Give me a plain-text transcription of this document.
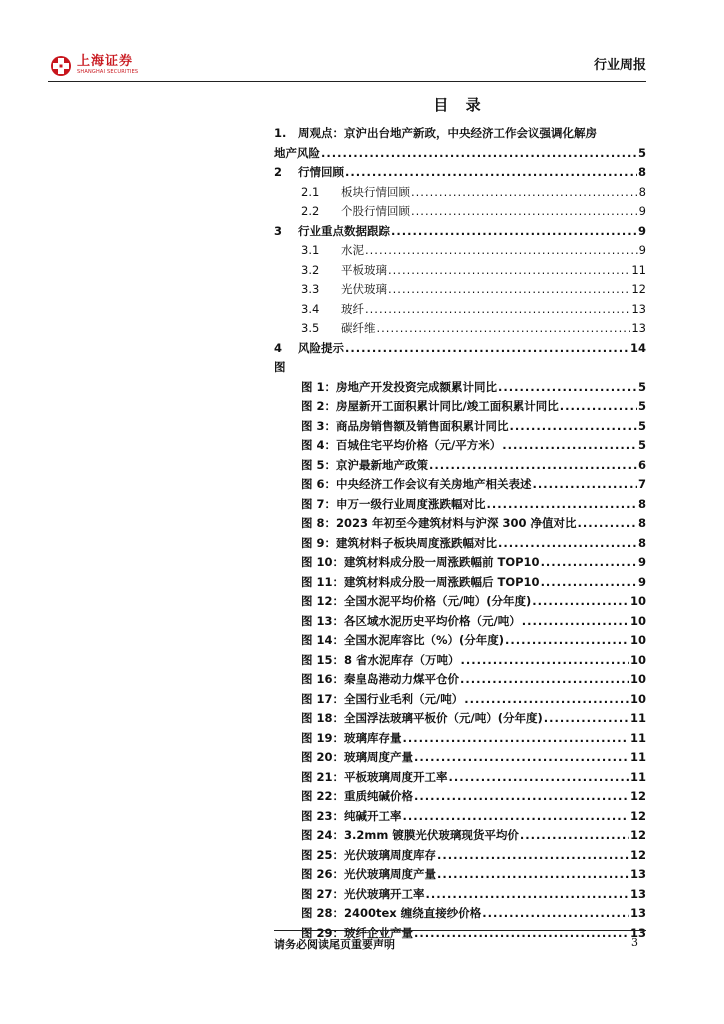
上海证券
SHANGHAI SECURITIES	行业周报
目 录
1. 周观点：京沪出台地产新政，中央经济工作会议强调化解房
地产风险 .....	5
2	行情回顾 .....	8
2.1	板块行情回顾 .....	8
2.2	个股行情回顾 .....	9
3	行业重点数据跟踪 .....	9
3.1	水泥 .....	9
3.2	平板玻璃 .....	11
3.3	光伏玻璃 .....	12
3.4	玻纤 .....	13
3.5	碳纤维 .....	13
4	风险提示 .....	14
图
图 1：房地产开发投资完成额累计同比 .....	5
图 2：房屋新开工面积累计同比/竣工面积累计同比 .....	5
图 3：商品房销售额及销售面积累计同比 .....	5
图 4：百城住宅平均价格（元/平方米） .....	5
图 5：京沪最新地产政策 .....	6
图 6：中央经济工作会议有关房地产相关表述 .....	7
图 7：申万一级行业周度涨跌幅对比 .....	8
图 8：2023 年初至今建筑材料与沪深 300 净值对比 .....	8
图 9：建筑材料子板块周度涨跌幅对比 .....	8
图 10：建筑材料成分股一周涨跌幅前 TOP10 .....	9
图 11：建筑材料成分股一周涨跌幅后 TOP10 .....	9
图 12：全国水泥平均价格（元/吨）(分年度) .....	10
图 13：各区域水泥历史平均价格（元/吨） .....	10
图 14：全国水泥库容比（%）(分年度) .....	10
图 15：8 省水泥库存（万吨） .....	10
图 16：秦皇岛港动力煤平仓价 .....	10
图 17：全国行业毛利（元/吨） .....	10
图 18：全国浮法玻璃平板价（元/吨）(分年度) .....	11
图 19：玻璃库存量 .....	11
图 20：玻璃周度产量 .....	11
图 21：平板玻璃周度开工率 .....	11
图 22：重质纯碱价格 .....	12
图 23：纯碱开工率 .....	12
图 24：3.2mm 镀膜光伏玻璃现货平均价 .....	12
图 25：光伏玻璃周度库存 .....	12
图 26：光伏玻璃周度产量 .....	13
图 27：光伏玻璃开工率 .....	13
图 28：2400tex 缠绕直接纱价格 .....	13
图 29：玻纤企业产量 .....	13
请务必阅读尾页重要声明	3
